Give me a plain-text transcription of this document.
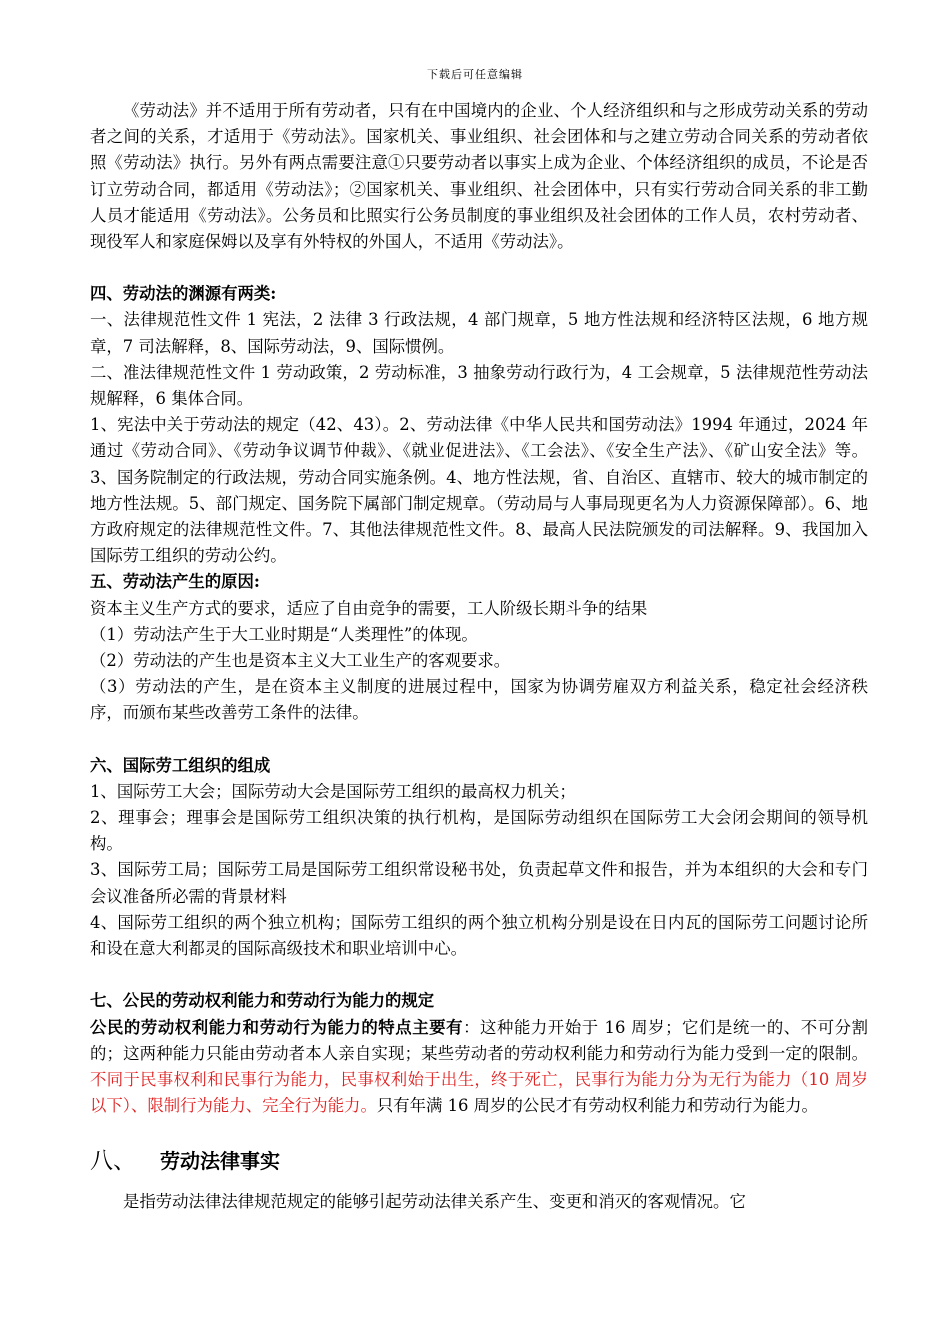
下载后可任意编辑

《劳动法》并不适用于所有劳动者，只有在中国境内的企业、个人经济组织和与之形成劳动关系的劳动者之间的关系，才适用于《劳动法》。国家机关、事业组织、社会团体和与之建立劳动合同关系的劳动者依照《劳动法》执行。另外有两点需要注意①只要劳动者以事实上成为企业、个体经济组织的成员，不论是否订立劳动合同，都适用《劳动法》；②国家机关、事业组织、社会团体中，只有实行劳动合同关系的非工勤人员才能适用《劳动法》。公务员和比照实行公务员制度的事业组织及社会团体的工作人员，农村劳动者、现役军人和家庭保姆以及享有外特权的外国人，不适用《劳动法》。

四、劳动法的渊源有两类:

一、法律规范性文件 1 宪法，2 法律 3 行政法规，4 部门规章，5 地方性法规和经济特区法规，6 地方规章，7 司法解释，8、国际劳动法，9、国际惯例。

二、准法律规范性文件 1 劳动政策，2 劳动标准，3 抽象劳动行政行为，4 工会规章，5 法律规范性劳动法规解释，6 集体合同。

1、宪法中关于劳动法的规定（42、43）。2、劳动法律《中华人民共和国劳动法》1994 年通过，2024 年通过《劳动合同》、《劳动争议调节仲裁》、《就业促进法》、《工会法》、《安全生产法》、《矿山安全法》等。3、国务院制定的行政法规，劳动合同实施条例。4、地方性法规，省、自治区、直辖市、较大的城市制定的地方性法规。5、部门规定、国务院下属部门制定规章。（劳动局与人事局现更名为人力资源保障部）。6、地方政府规定的法律规范性文件。7、其他法律规范性文件。8、最高人民法院颁发的司法解释。9、我国加入国际劳工组织的劳动公约。

五、劳动法产生的原因:

资本主义生产方式的要求，适应了自由竞争的需要，工人阶级长期斗争的结果

（1）劳动法产生于大工业时期是“人类理性”的体现。

（2）劳动法的产生也是资本主义大工业生产的客观要求。

（3）劳动法的产生，是在资本主义制度的进展过程中，国家为协调劳雇双方利益关系，稳定社会经济秩序，而颁布某些改善劳工条件的法律。

六、国际劳工组织的组成

1、国际劳工大会；国际劳动大会是国际劳工组织的最高权力机关；

2、理事会；理事会是国际劳工组织决策的执行机构，是国际劳动组织在国际劳工大会闭会期间的领导机构。

3、国际劳工局；国际劳工局是国际劳工组织常设秘书处，负责起草文件和报告，并为本组织的大会和专门会议准备所必需的背景材料

4、国际劳工组织的两个独立机构；国际劳工组织的两个独立机构分别是设在日内瓦的国际劳工问题讨论所和设在意大利都灵的国际高级技术和职业培训中心。

七、公民的劳动权利能力和劳动行为能力的规定

公民的劳动权利能力和劳动行为能力的特点主要有：这种能力开始于 16 周岁；它们是统一的、不可分割的；这两种能力只能由劳动者本人亲自实现；某些劳动者的劳动权利能力和劳动行为能力受到一定的限制。不同于民事权利和民事行为能力，民事权利始于出生，终于死亡，民事行为能力分为无行为能力（10 周岁以下）、限制行为能力、完全行为能力。只有年满 16 周岁的公民才有劳动权利能力和劳动行为能力。

八、 劳动法律事实

是指劳动法律法律规范规定的能够引起劳动法律关系产生、变更和消灭的客观情况。它
